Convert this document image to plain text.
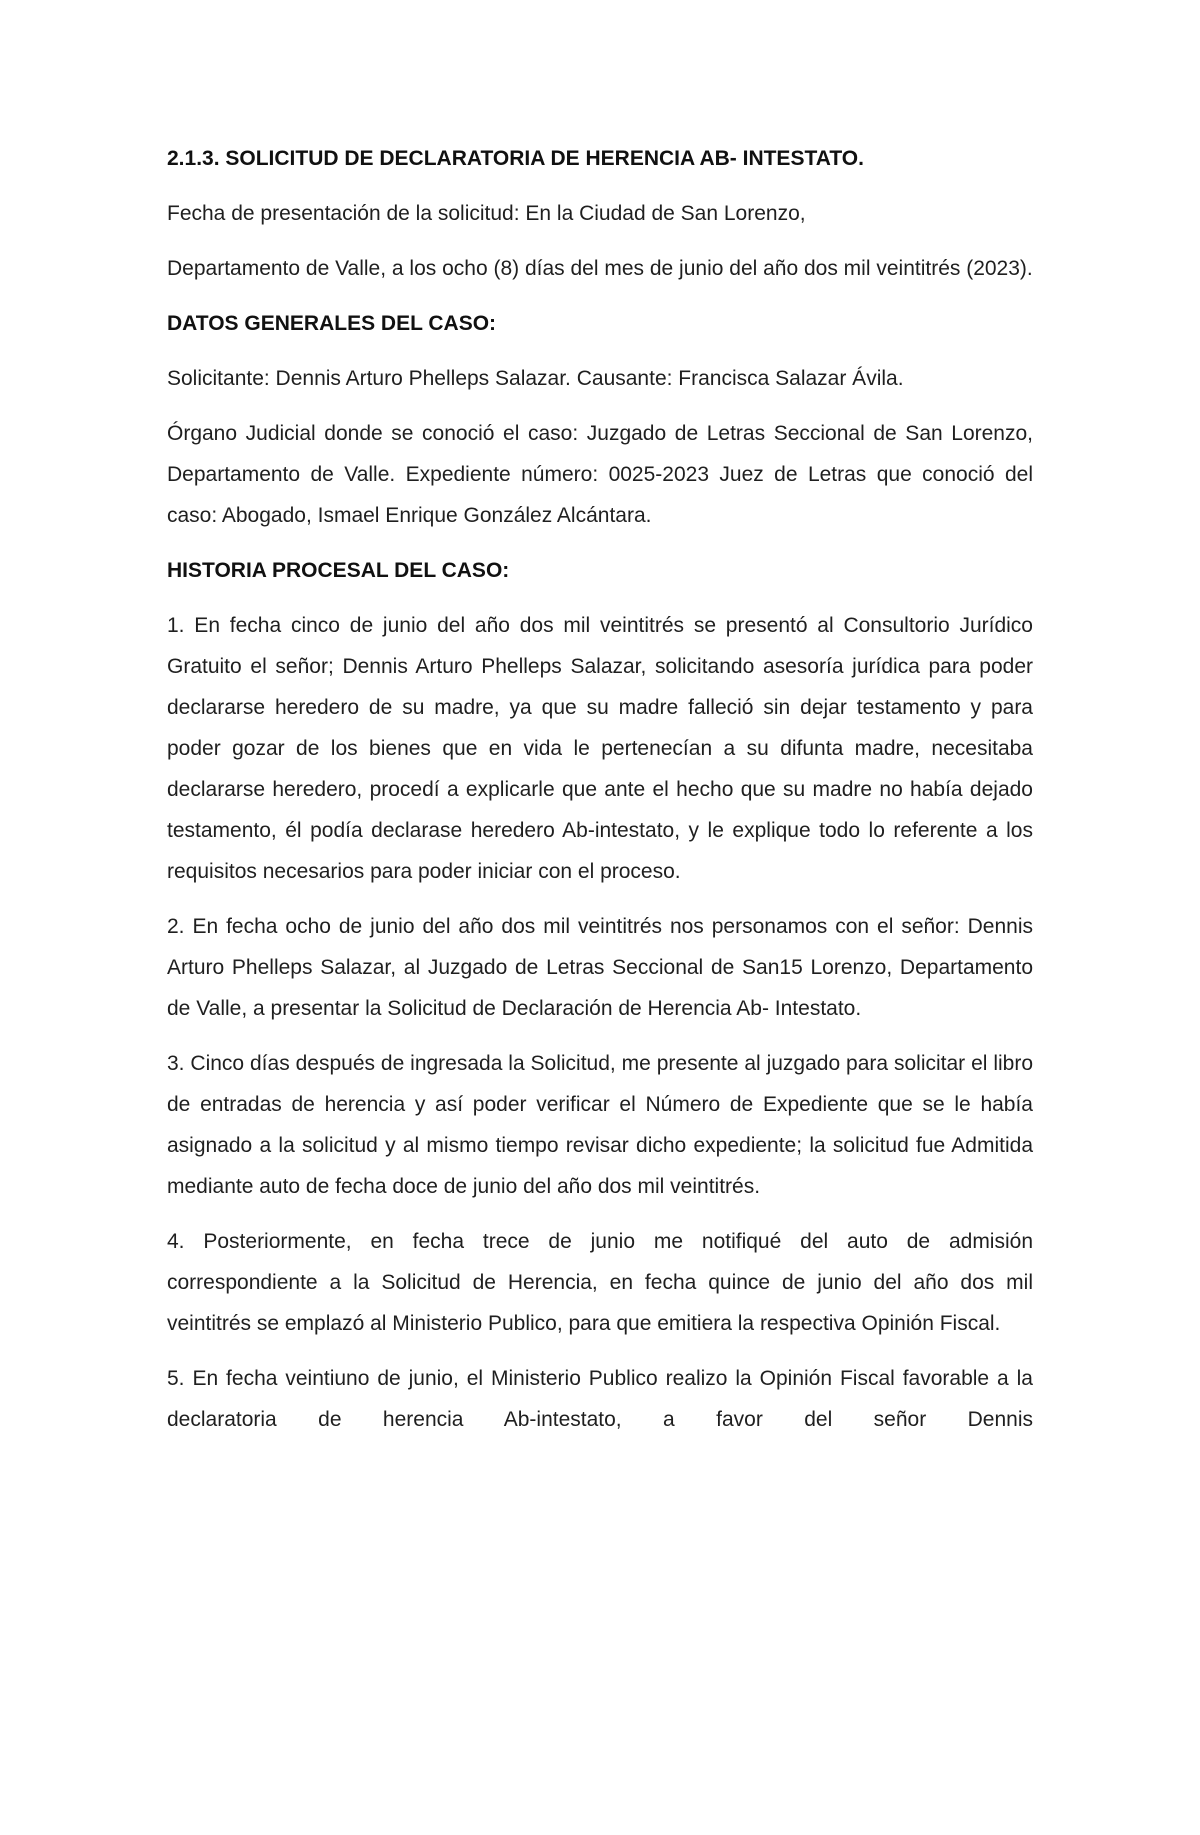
2.1.3. SOLICITUD DE DECLARATORIA DE HERENCIA AB- INTESTATO.

Fecha de presentación de la solicitud: En la Ciudad de San Lorenzo,

Departamento de Valle, a los ocho (8) días del mes de junio del año dos mil veintitrés (2023).

DATOS GENERALES DEL CASO:

Solicitante: Dennis Arturo Phelleps Salazar. Causante: Francisca Salazar Ávila.

Órgano Judicial donde se conoció el caso: Juzgado de Letras Seccional de San Lorenzo, Departamento de Valle. Expediente número: 0025-2023 Juez de Letras que conoció del caso: Abogado, Ismael Enrique González Alcántara.

HISTORIA PROCESAL DEL CASO:

1. En fecha cinco de junio del año dos mil veintitrés se presentó al Consultorio Jurídico Gratuito el señor; Dennis Arturo Phelleps Salazar, solicitando asesoría jurídica para poder declararse heredero de su madre, ya que su madre falleció sin dejar testamento y para poder gozar de los bienes que en vida le pertenecían a su difunta madre, necesitaba declararse heredero, procedí a explicarle que ante el hecho que su madre no había dejado testamento, él podía declarase heredero Ab-intestato, y le explique todo lo referente a los requisitos necesarios para poder iniciar con el proceso.

2. En fecha ocho de junio del año dos mil veintitrés nos personamos con el señor: Dennis Arturo Phelleps Salazar, al Juzgado de Letras Seccional de San15 Lorenzo, Departamento de Valle, a presentar la Solicitud de Declaración de Herencia Ab- Intestato.

3. Cinco días después de ingresada la Solicitud, me presente al juzgado para solicitar el libro de entradas de herencia y así poder verificar el Número de Expediente que se le había asignado a la solicitud y al mismo tiempo revisar dicho expediente; la solicitud fue Admitida mediante auto de fecha doce de junio del año dos mil veintitrés.

4. Posteriormente, en fecha trece de junio me notifiqué del auto de admisión correspondiente a la Solicitud de Herencia, en fecha quince de junio del año dos mil veintitrés se emplazó al Ministerio Publico, para que emitiera la respectiva Opinión Fiscal.

5. En fecha veintiuno de junio, el Ministerio Publico realizo la Opinión Fiscal favorable a la declaratoria de herencia Ab-intestato, a favor del señor Dennis
